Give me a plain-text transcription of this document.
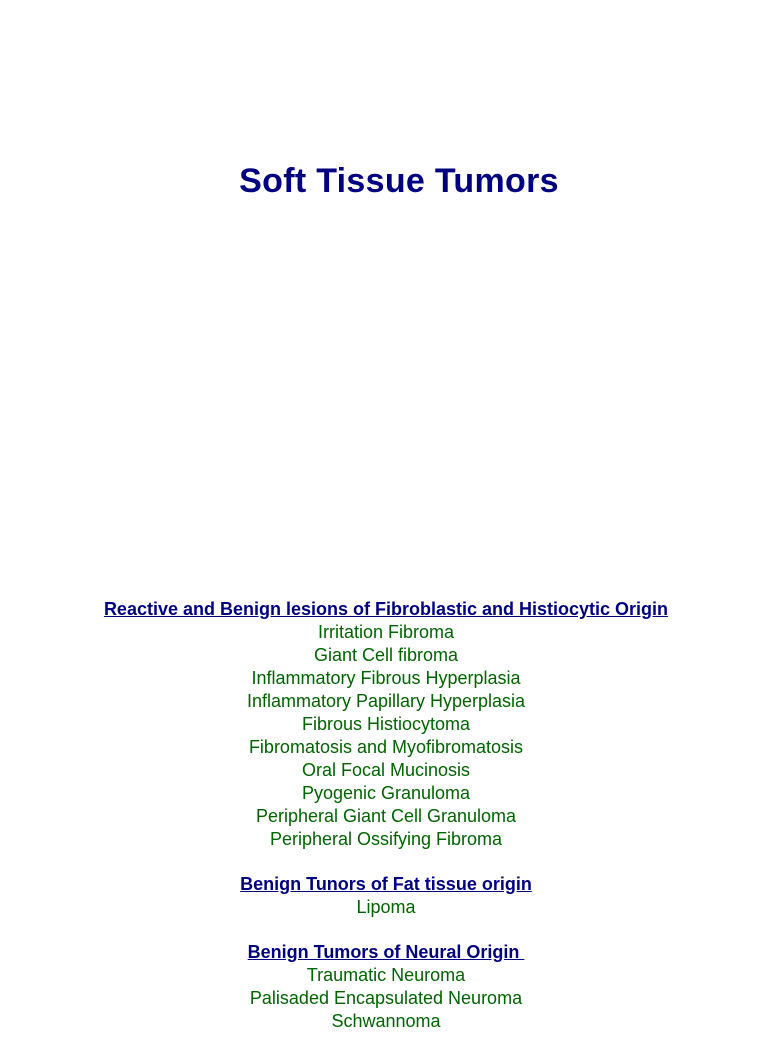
Soft Tissue Tumors
Reactive and Benign lesions of Fibroblastic and Histiocytic Origin
Irritation Fibroma
Giant Cell fibroma
Inflammatory Fibrous Hyperplasia
Inflammatory Papillary Hyperplasia
Fibrous Histiocytoma
Fibromatosis and Myofibromatosis
Oral Focal Mucinosis
Pyogenic Granuloma
Peripheral Giant Cell Granuloma
Peripheral Ossifying Fibroma
Benign Tunors of Fat tissue origin
Lipoma
Benign Tumors of Neural Origin
Traumatic Neuroma
Palisaded Encapsulated Neuroma
Schwannoma
